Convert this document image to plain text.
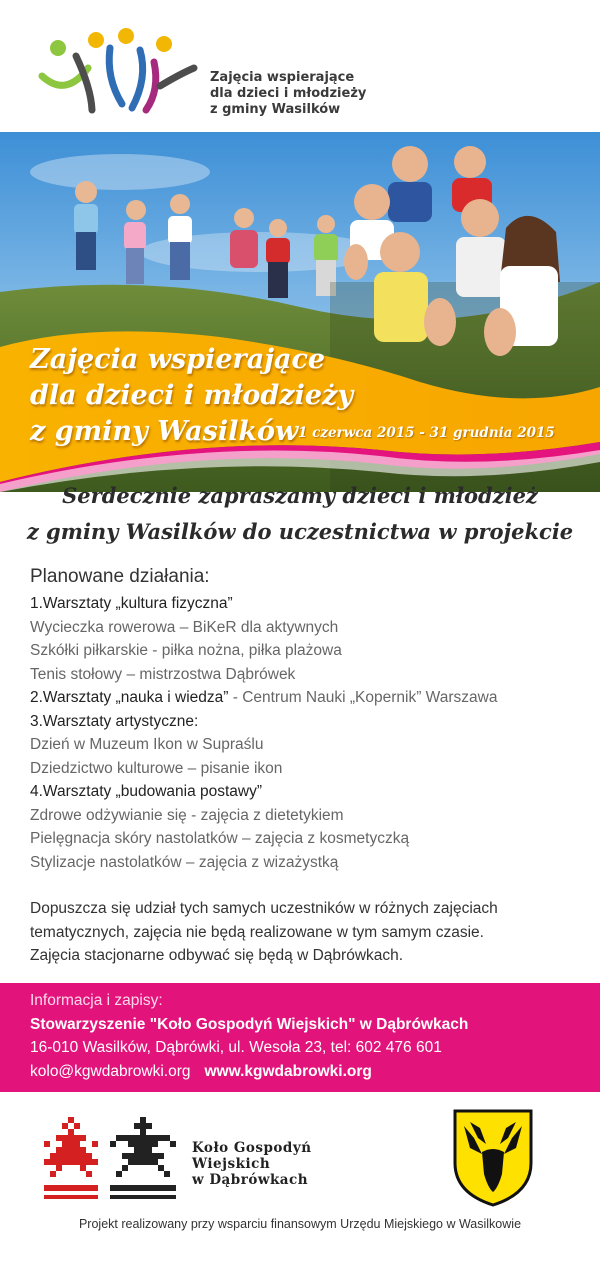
Zajęcia wspierające
dla dzieci i młodzieży
z gminy Wasilków
Zajęcia wspierające
dla dzieci i młodzieży
z gminy Wasilków 1 czerwca 2015 - 31 grudnia 2015
Serdecznie zapraszamy dzieci i młodzież
z gminy Wasilków do uczestnictwa w projekcie
Planowane działania:
1.Warsztaty „kultura fizyczna”
Wycieczka rowerowa – BiKeR dla aktywnych
Szkółki piłkarskie - piłka nożna, piłka plażowa
Tenis stołowy – mistrzostwa Dąbrówek
2.Warsztaty „nauka i wiedza” - Centrum Nauki „Kopernik” Warszawa
3.Warsztaty artystyczne:
Dzień w Muzeum Ikon w Supraślu
Dziedzictwo kulturowe – pisanie ikon
4.Warsztaty „budowania postawy”
Zdrowe odżywianie się - zajęcia z dietetykiem
Pielęgnacja skóry nastolatków – zajęcia z kosmetyczką
Stylizacje nastolatków – zajęcia z wizażystką
Dopuszcza się udział tych samych uczestników w różnych zajęciach
tematycznych, zajęcia nie będą realizowane w tym samym czasie.
Zajęcia stacjonarne odbywać się będą w Dąbrówkach.
Informacja i zapisy:
Stowarzyszenie "Koło Gospodyń Wiejskich" w Dąbrówkach
16-010 Wasilków, Dąbrówki, ul. Wesoła 23, tel: 602 476 601
kolo@kgwdabrowki.org www.kgwdabrowki.org
Koło Gospodyń
Wiejskich
w Dąbrówkach
Projekt realizowany przy wsparciu finansowym Urzędu Miejskiego w Wasilkowie
